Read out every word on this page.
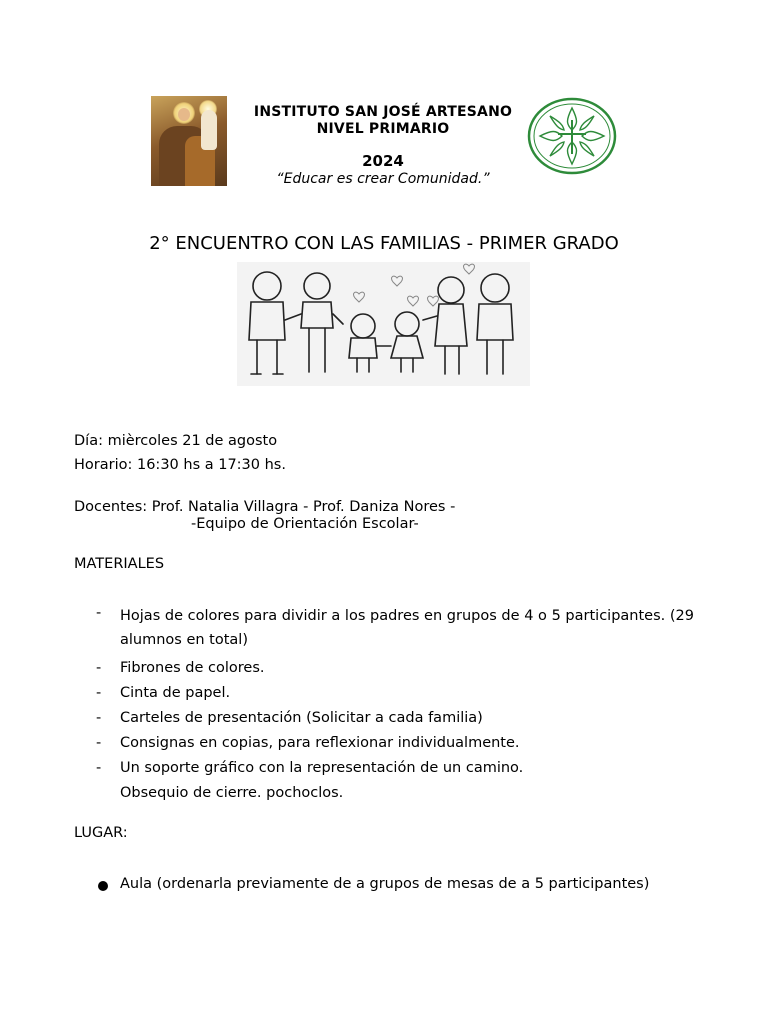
INSTITUTO SAN JOSÉ ARTESANO
NIVEL PRIMARIO
2024
“Educar es crear Comunidad.”
2° ENCUENTRO CON LAS FAMILIAS - PRIMER GRADO
Día: mièrcoles 21 de agosto
Horario: 16:30 hs a 17:30 hs.
Docentes: Prof. Natalia Villagra - Prof. Daniza Nores -
-Equipo de Orientación Escolar-
MATERIALES
- Hojas de colores para dividir a los padres en grupos de 4 o 5 participantes. (29 alumnos en total)
- Fibrones de colores.
- Cinta de papel.
- Carteles de presentación (Solicitar a cada familia)
- Consignas en copias, para reflexionar individualmente.
- Un soporte gráfico con la representación de un camino.
Obsequio de cierre. pochoclos.
LUGAR:
Aula (ordenarla previamente de a grupos de mesas de a 5 participantes)
